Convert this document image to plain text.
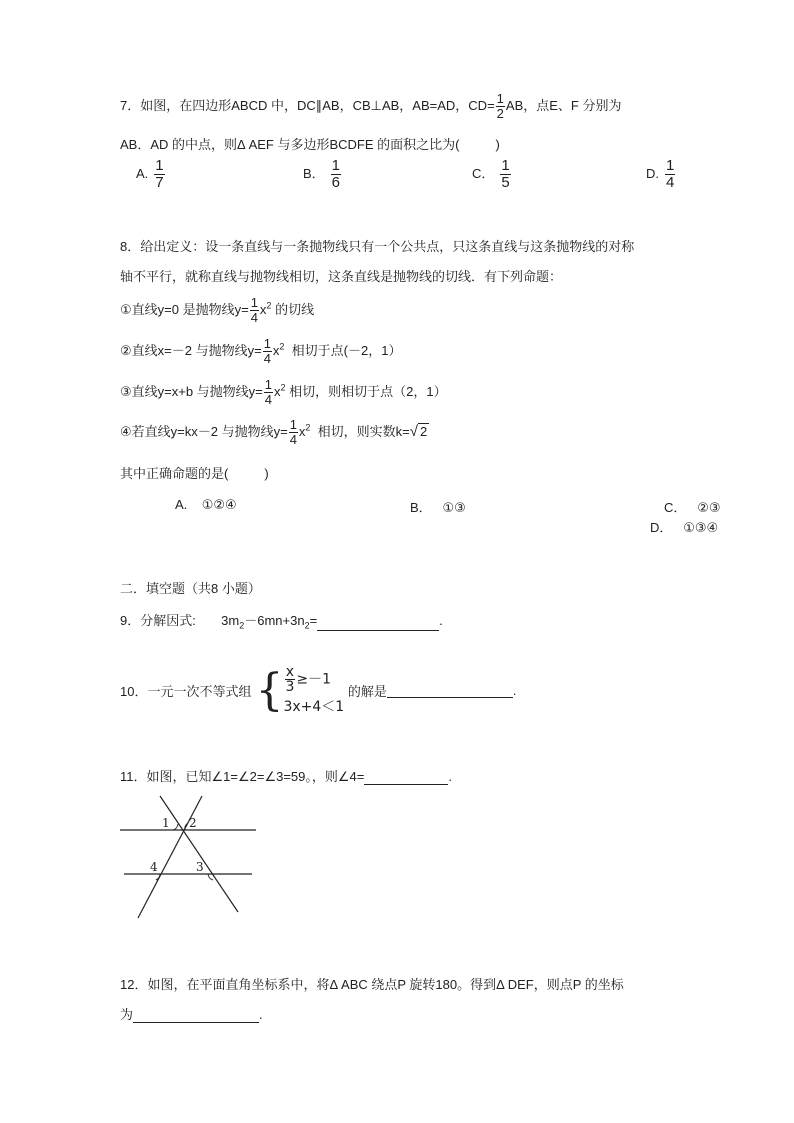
7．如图，在四边形ABCD 中，DC∥AB，CB⊥AB，AB=AD，$CD= \frac{1}{2}$ AB，点E、F 分别为
AB．AD 的中点，则Δ AEF 与多边形BCDFE 的面积之比为(	)
A. $\frac{1}{7}$	B． $\frac{1}{6}$	C． $\frac{1}{5}$	D. $\frac{1}{4}$
8．给出定义：设一条直线与一条抛物线只有一个公共点，只这条直线与这条抛物线的对称
轴不平行，就称直线与抛物线相切，这条直线是抛物线的切线．有下列命题：
①直线y=0 是抛物线$y= \frac{1}{4} x^2$ 的切线
②直线x=－2 与抛物线$y= \frac{1}{4} x^2$ 相切于点(－2，1）
③直线y=x+b 与抛物线$y= \frac{1}{4} x^2$ 相切，则相切于点（2，1）
④若直线y=kx－2 与抛物线$y= \frac{1}{4} x^2$ 相切，则实数k=√ 2
其中正确命题的是(	)
A. ①②④	B． ①③	C． ②③
D． ①③④
二．填空题（共8 小题）
9．分解因式: $3m_2-6mn+3n_2=$	.
10．一元一次不等式组 { $\frac{x}{3} \ge-1$
3x+4＜1
的解是	.
11．如图，已知∠1=∠2=∠3=59。，则∠4=	.
1 2
3
4
12．如图，在平面直角坐标系中，将Δ ABC 绕点P 旋转180。得到Δ DEF，则点P 的坐标
为	.
